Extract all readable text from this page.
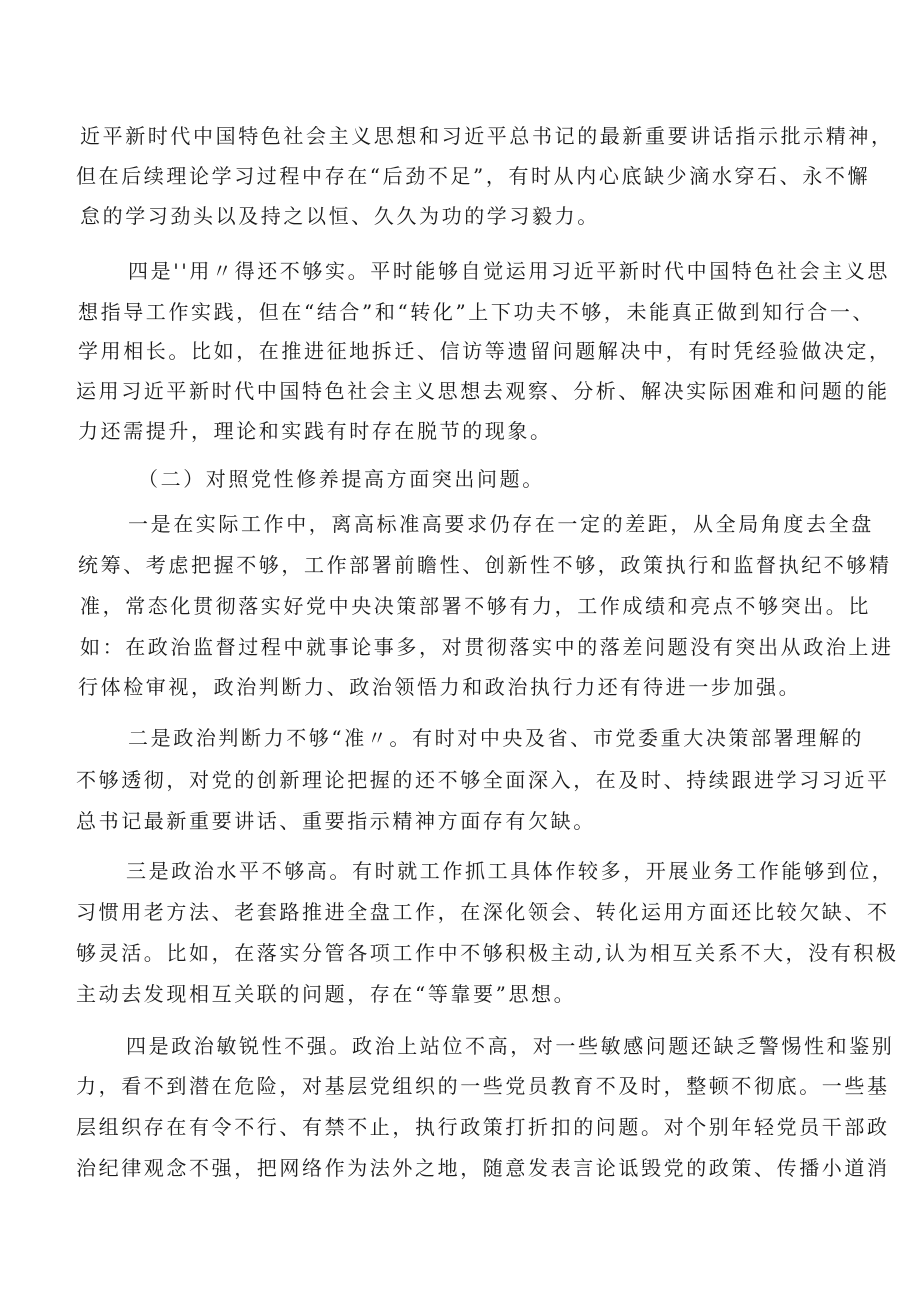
近平新时代中国特色社会主义思想和习近平总书记的最新重要讲话指示批示精神，
但在后续理论学习过程中存在“后劲不足”，有时从内心底缺少滴水穿石、永不懈
怠的学习劲头以及持之以恒、久久为功的学习毅力。
四是''用〃得还不够实。平时能够自觉运用习近平新时代中国特色社会主义思
想指导工作实践，但在“结合”和“转化”上下功夫不够，未能真正做到知行合一、
学用相长。比如，在推进征地拆迁、信访等遗留问题解决中，有时凭经验做决定，
运用习近平新时代中国特色社会主义思想去观察、分析、解决实际困难和问题的能
力还需提升，理论和实践有时存在脱节的现象。
（二）对照党性修养提高方面突出问题。
一是在实际工作中，离高标准高要求仍存在一定的差距，从全局角度去全盘
统筹、考虑把握不够，工作部署前瞻性、创新性不够，政策执行和监督执纪不够精
准，常态化贯彻落实好党中央决策部署不够有力，工作成绩和亮点不够突出。比
如：在政治监督过程中就事论事多，对贯彻落实中的落差问题没有突出从政治上进
行体检审视，政治判断力、政治领悟力和政治执行力还有待进一步加强。
二是政治判断力不够“准〃。有时对中央及省、市党委重大决策部署理解的
不够透彻，对党的创新理论把握的还不够全面深入，在及时、持续跟进学习习近平
总书记最新重要讲话、重要指示精神方面存有欠缺。
三是政治水平不够高。有时就工作抓工具体作较多，开展业务工作能够到位，
习惯用老方法、老套路推进全盘工作，在深化领会、转化运用方面还比较欠缺、不
够灵活。比如，在落实分管各项工作中不够积极主动,认为相互关系不大，没有积极
主动去发现相互关联的问题，存在“等靠要”思想。
四是政治敏锐性不强。政治上站位不高，对一些敏感问题还缺乏警惕性和鉴别
力，看不到潜在危险，对基层党组织的一些党员教育不及时，整顿不彻底。一些基
层组织存在有令不行、有禁不止，执行政策打折扣的问题。对个别年轻党员干部政
治纪律观念不强，把网络作为法外之地，随意发表言论诋毁党的政策、传播小道消
